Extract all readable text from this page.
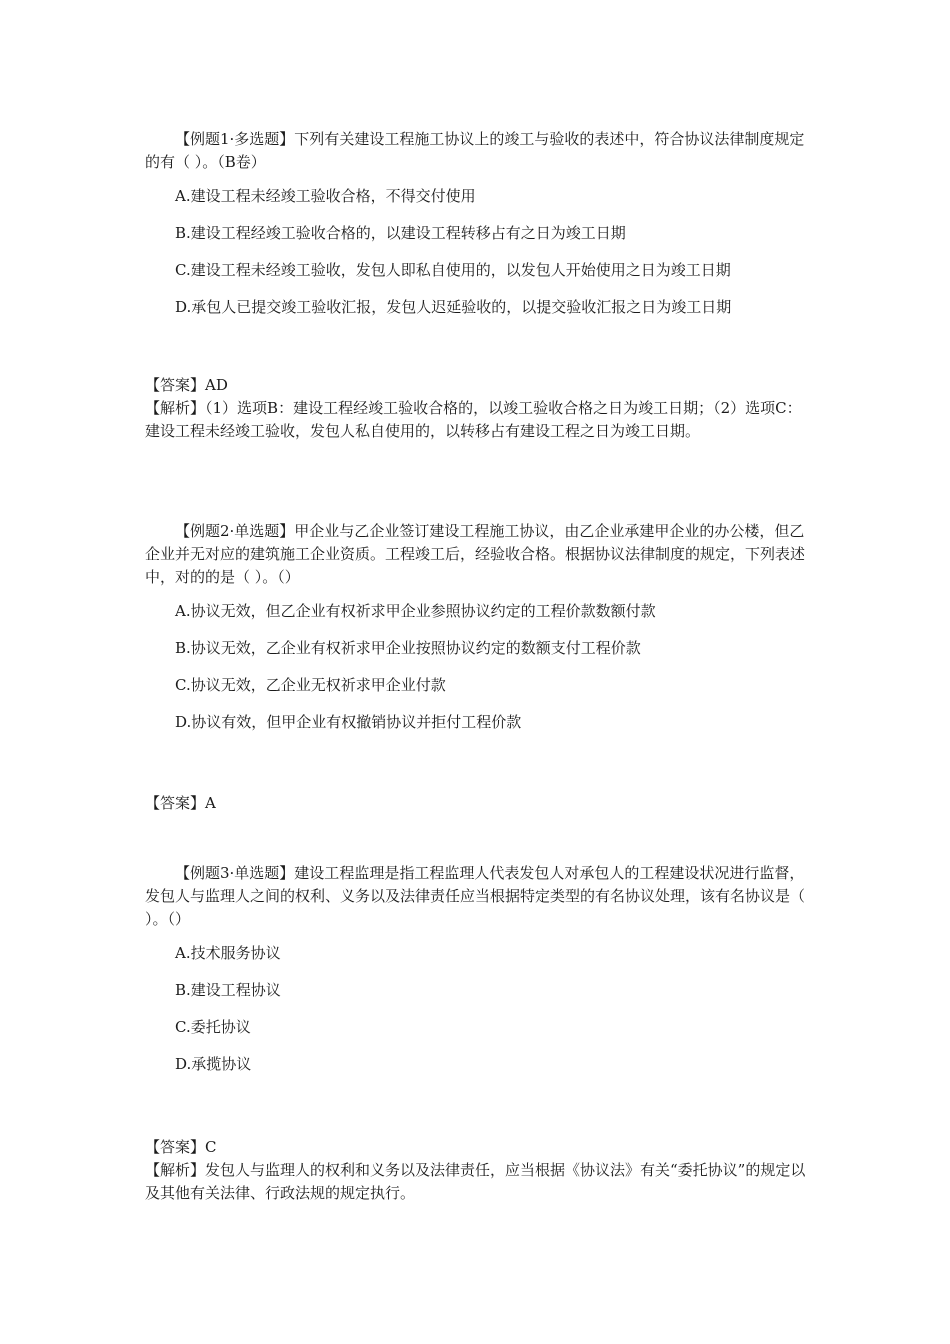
【例题1·多选题】下列有关建设工程施工协议上的竣工与验收的表述中，符合协议法律制度规定的有（ ）。（B卷）

A.建设工程未经竣工验收合格，不得交付使用
B.建设工程经竣工验收合格的，以建设工程转移占有之日为竣工日期
C.建设工程未经竣工验收，发包人即私自使用的，以发包人开始使用之日为竣工日期
D.承包人已提交竣工验收汇报，发包人迟延验收的，以提交验收汇报之日为竣工日期

【答案】AD

【解析】（1）选项B：建设工程经竣工验收合格的，以竣工验收合格之日为竣工日期；（2）选项C：建设工程未经竣工验收，发包人私自使用的，以转移占有建设工程之日为竣工日期。

【例题2·单选题】甲企业与乙企业签订建设工程施工协议，由乙企业承建甲企业的办公楼，但乙企业并无对应的建筑施工企业资质。工程竣工后，经验收合格。根据协议法律制度的规定，下列表述中，对的的是（ ）。（）

A.协议无效，但乙企业有权祈求甲企业参照协议约定的工程价款数额付款
B.协议无效，乙企业有权祈求甲企业按照协议约定的数额支付工程价款
C.协议无效，乙企业无权祈求甲企业付款
D.协议有效，但甲企业有权撤销协议并拒付工程价款

【答案】A

【例题3·单选题】建设工程监理是指工程监理人代表发包人对承包人的工程建设状况进行监督，发包人与监理人之间的权利、义务以及法律责任应当根据特定类型的有名协议处理，该有名协议是（ ）。（）

A.技术服务协议
B.建设工程协议
C.委托协议
D.承揽协议

【答案】C

【解析】发包人与监理人的权利和义务以及法律责任，应当根据《协议法》有关“委托协议”的规定以及其他有关法律、行政法规的规定执行。
